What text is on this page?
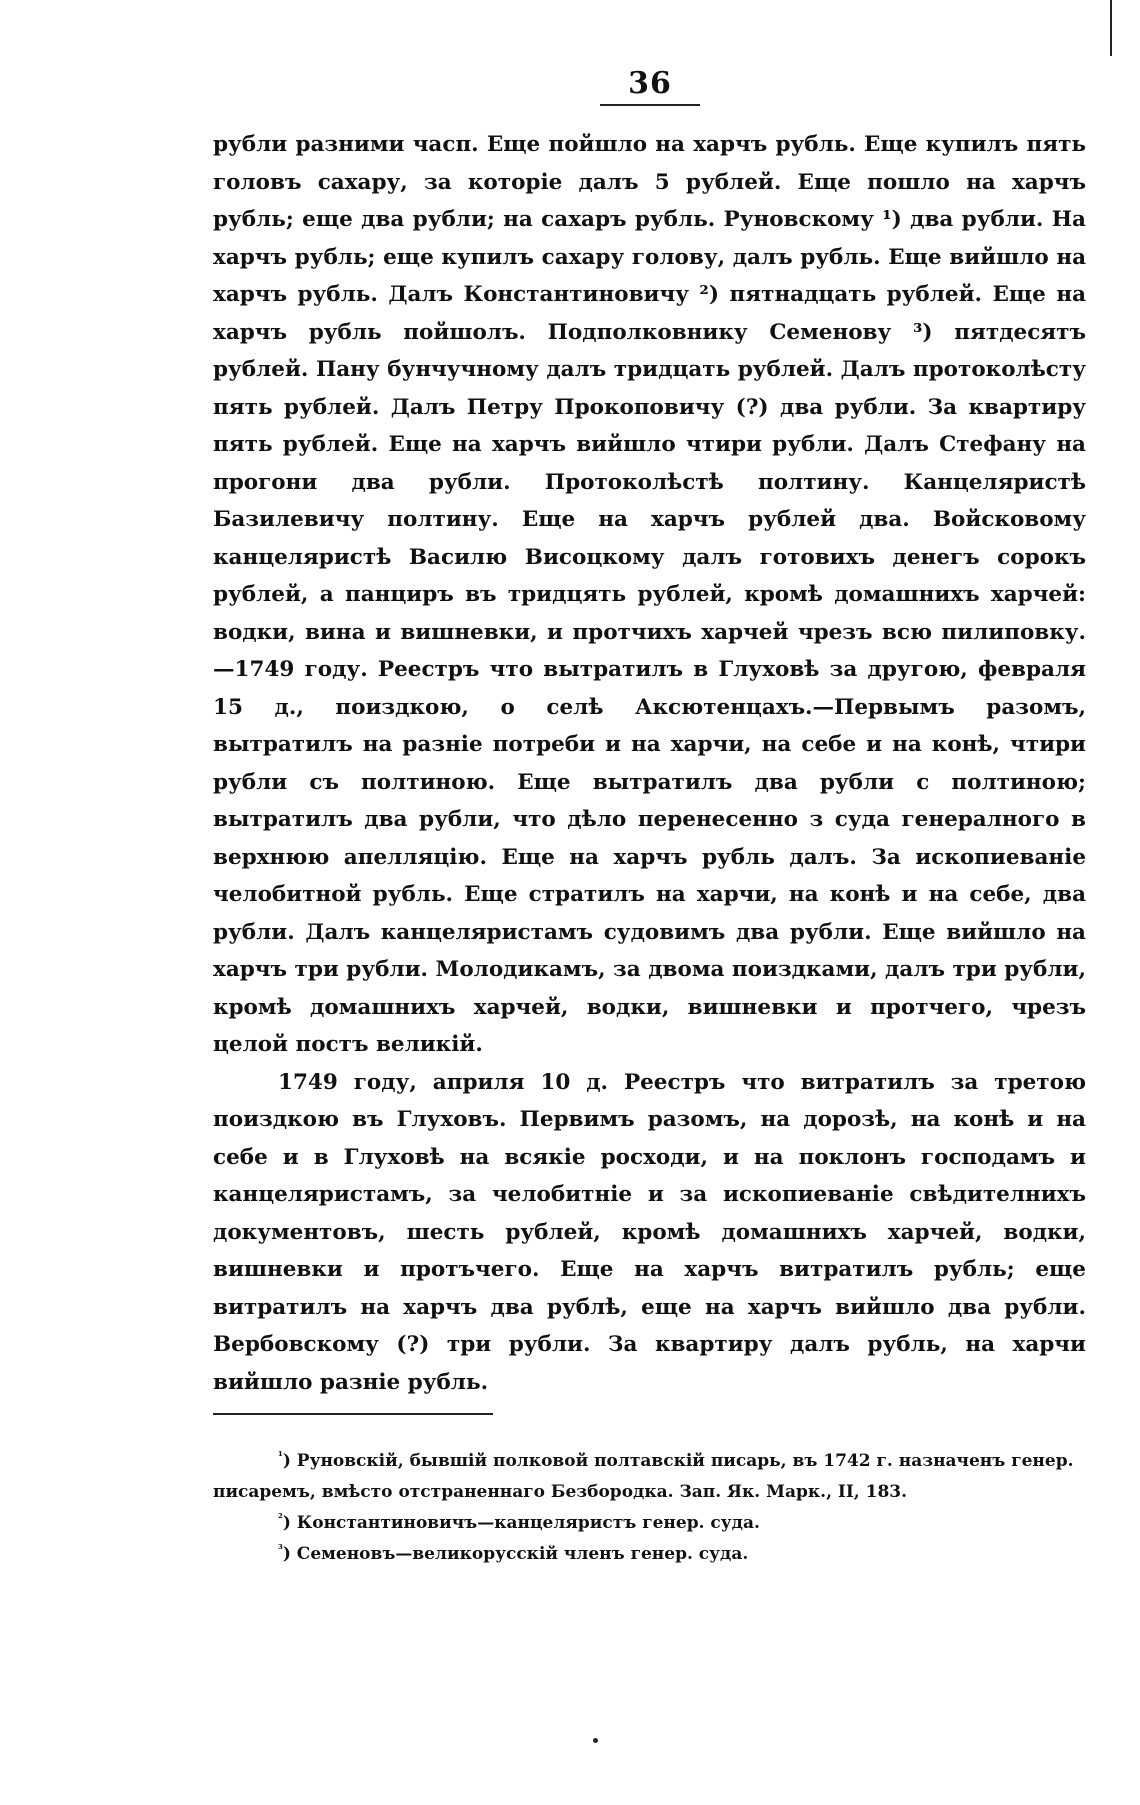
36

рубли разними часп. Еще пойшло на харчъ рубль. Еще купилъ пять головъ сахару, за которіе далъ 5 рублей. Еще пошло на харчъ рубль; еще два рубли; на сахаръ рубль. Руновскому ¹) два рубли. На харчъ рубль; еще купилъ сахару голову, далъ рубль. Еще вийшло на харчъ рубль. Далъ Константиновичу ²) пятнадцать рублей. Еще на харчъ рубль пойшолъ. Подполковнику Семенову ³) пятдесятъ рублей. Пану бунчучному далъ тридцать рублей. Далъ протоколѣсту пять рублей. Далъ Петру Прокоповичу (?) два рубли. За квартиру пять рублей. Еще на харчъ вийшло чтири рубли. Далъ Стефану на прогони два рубли. Протоколѣстѣ полтину. Канцеляристѣ Базилевичу полтину. Еще на харчъ рублей два. Войсковому канцеляристѣ Василю Висоцкому далъ готовихъ денегъ сорокъ рублей, а панциръ въ тридцять рублей, кромѣ домашнихъ харчей: водки, вина и вишневки, и протчихъ харчей чрезъ всю пилиповку.—1749 году. Реестръ что вытратилъ в Глуховѣ за другою, февраля 15 д., поиздкою, о селѣ Аксютенцахъ.—Первымъ разомъ, вытратилъ на разніе потреби и на харчи, на себе и на конѣ, чтири рубли съ полтиною. Еще вытратилъ два рубли с полтиною; вытратилъ два рубли, что дѣло перенесенно з суда генералного в верхнюю апелляцію. Еще на харчъ рубль далъ. За ископиеваніе челобитной рубль. Еще стратилъ на харчи, на конѣ и на себе, два рубли. Далъ канцеляристамъ судовимъ два рубли. Еще вийшло на харчъ три рубли. Молодикамъ, за двома поиздками, далъ три рубли, кромѣ домашнихъ харчей, водки, вишневки и протчего, чрезъ целой постъ великій.

1749 году, априля 10 д. Реестръ что витратилъ за третою поиздкою въ Глуховъ. Первимъ разомъ, на дорозѣ, на конѣ и на себе и в Глуховѣ на всякіе росходи, и на поклонъ господамъ и канцеляристамъ, за челобитніе и за ископиеваніе свѣдителнихъ документовъ, шесть рублей, кромѣ домашнихъ харчей, водки, вишневки и протъчего. Еще на харчъ витратилъ рубль; еще витратилъ на харчъ два рублѣ, еще на харчъ вийшло два рубли. Вербовскому (?) три рубли. За квартиру далъ рубль, на харчи вийшло разніе рубль.

$^{^1}$) Руновскій, бывшій полковой полтавскій писарь, въ 1742 г. назначенъ генер. писаремъ, вмѣсто отстраненнаго Безбородка. Зап. Як. Марк., II, 183.

$^{^2}$) Константиновичъ—канцеляристъ генер. суда.

$^{^3}$) Семеновъ—великорусскій членъ генер. суда.
